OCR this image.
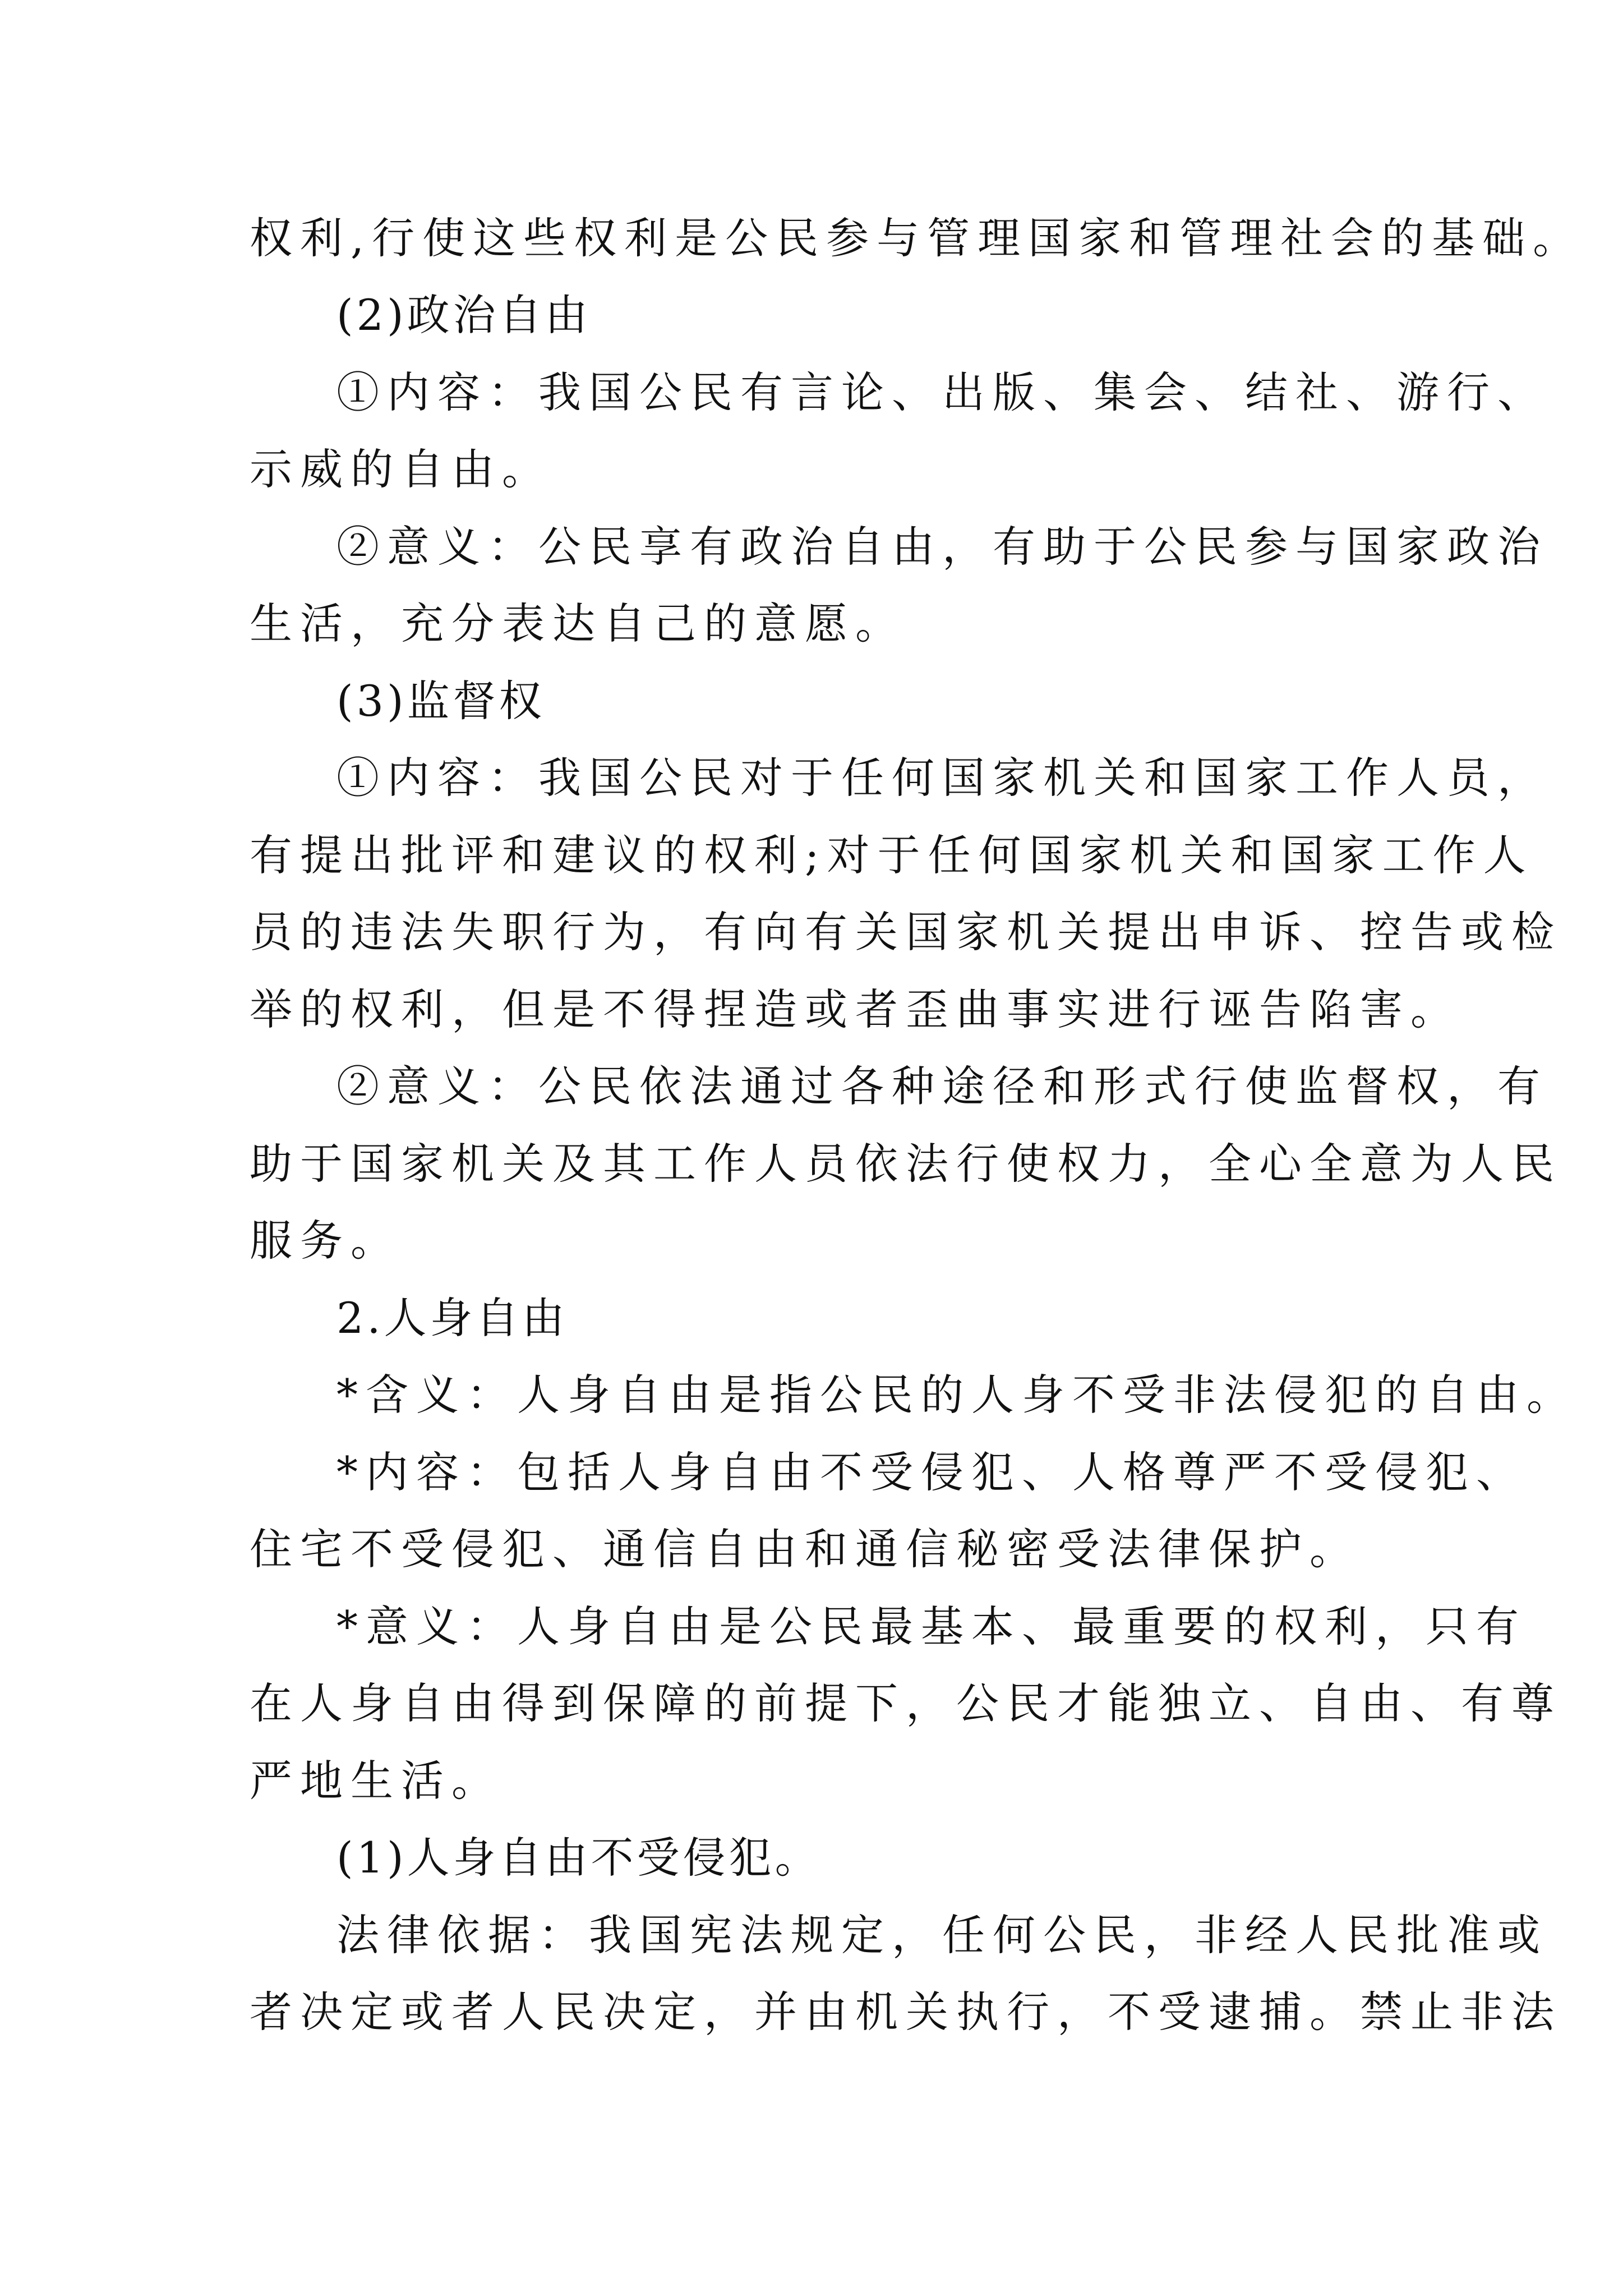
权利,行使这些权利是公民参与管理国家和管理社会的基础。
(2)政治自由
①内容：我国公民有言论、出版、集会、结社、游行、
示威的自由。
②意义：公民享有政治自由，有助于公民参与国家政治
生活，充分表达自己的意愿。
(3)监督权
①内容：我国公民对于任何国家机关和国家工作人员，
有提出批评和建议的权利;对于任何国家机关和国家工作人
员的违法失职行为，有向有关国家机关提出申诉、控告或检
举的权利，但是不得捏造或者歪曲事实进行诬告陷害。
②意义：公民依法通过各种途径和形式行使监督权，有
助于国家机关及其工作人员依法行使权力，全心全意为人民
服务。
2.人身自由
*含义：人身自由是指公民的人身不受非法侵犯的自由。
*内容：包括人身自由不受侵犯、人格尊严不受侵犯、
住宅不受侵犯、通信自由和通信秘密受法律保护。
*意义：人身自由是公民最基本、最重要的权利，只有
在人身自由得到保障的前提下，公民才能独立、自由、有尊
严地生活。
(1)人身自由不受侵犯。
法律依据：我国宪法规定，任何公民，非经人民批准或
者决定或者人民决定，并由机关执行，不受逮捕。禁止非法
